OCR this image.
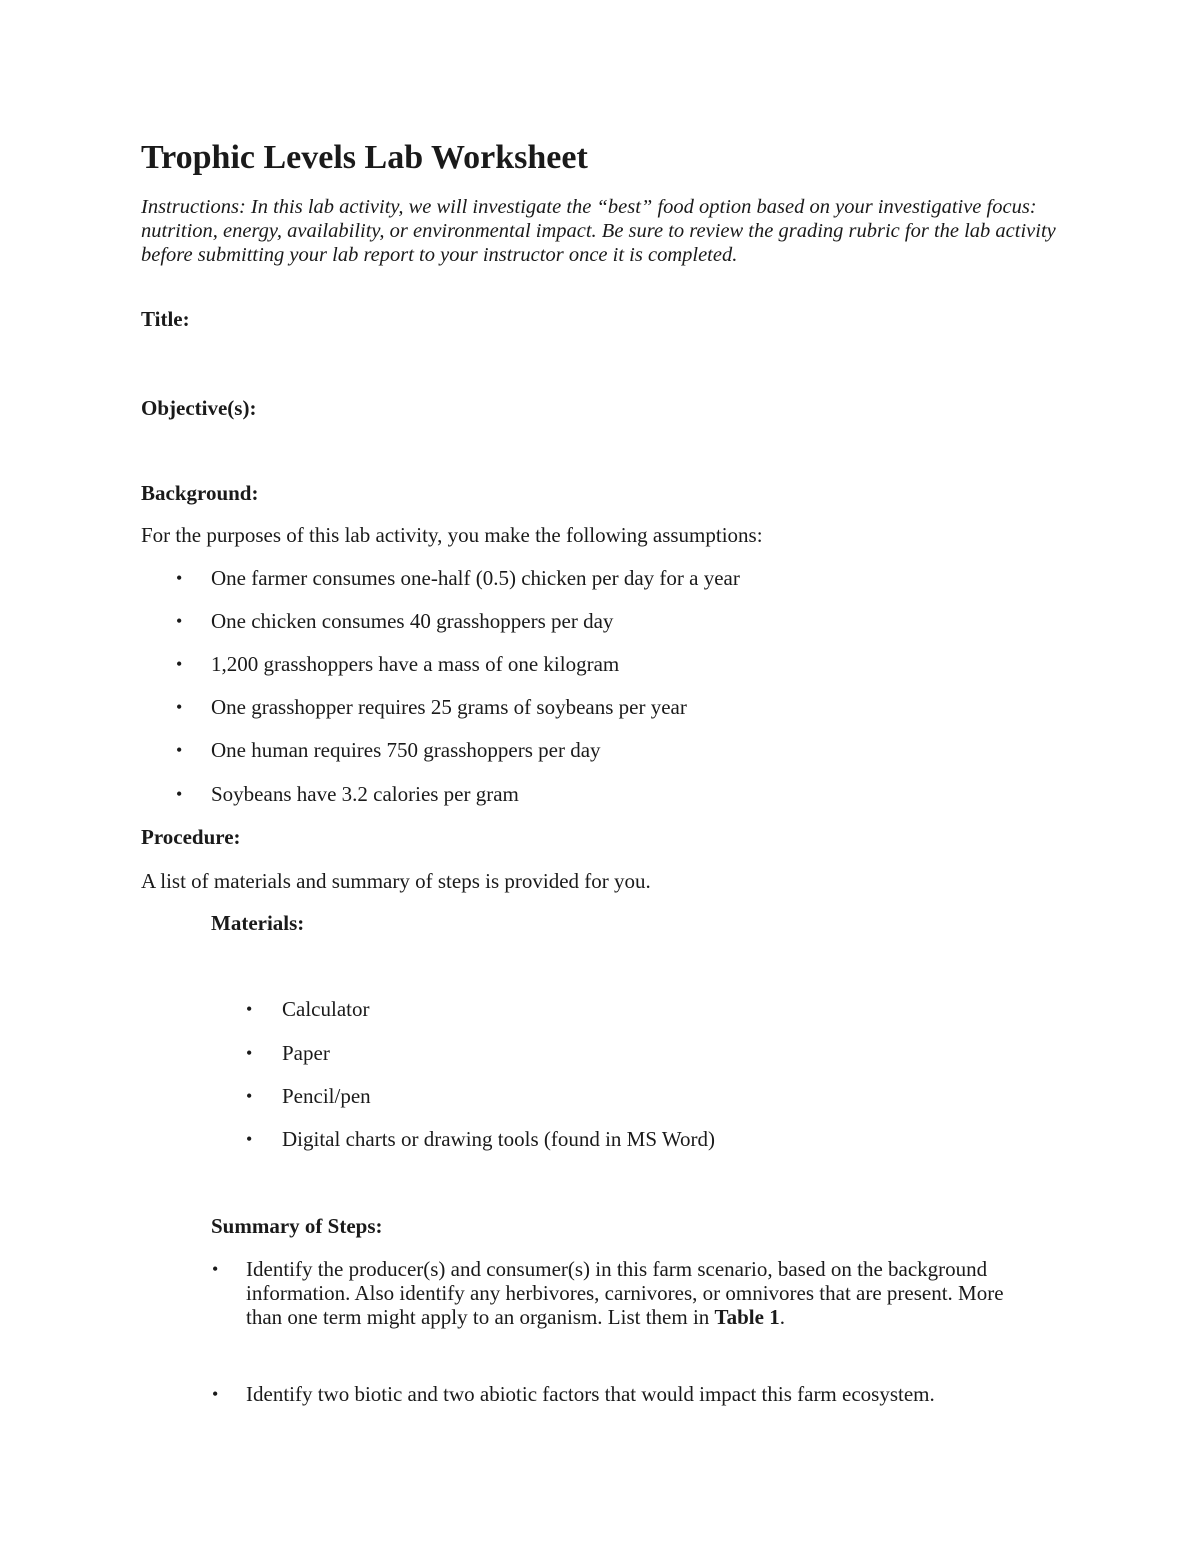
Trophic Levels Lab Worksheet

Instructions: In this lab activity, we will investigate the “best” food option based on your investigative focus: nutrition, energy, availability, or environmental impact. Be sure to review the grading rubric for the lab activity before submitting your lab report to your instructor once it is completed.

Title:
Objective(s):
Background:
For the purposes of this lab activity, you make the following assumptions:
• One farmer consumes one-half (0.5) chicken per day for a year
• One chicken consumes 40 grasshoppers per day
• 1,200 grasshoppers have a mass of one kilogram
• One grasshopper requires 25 grams of soybeans per year
• One human requires 750 grasshoppers per day
• Soybeans have 3.2 calories per gram
Procedure:
A list of materials and summary of steps is provided for you.
Materials:
• Calculator
• Paper
• Pencil/pen
• Digital charts or drawing tools (found in MS Word)
Summary of Steps:
• Identify the producer(s) and consumer(s) in this farm scenario, based on the background information. Also identify any herbivores, carnivores, or omnivores that are present. More than one term might apply to an organism. List them in Table 1.
• Identify two biotic and two abiotic factors that would impact this farm ecosystem.
